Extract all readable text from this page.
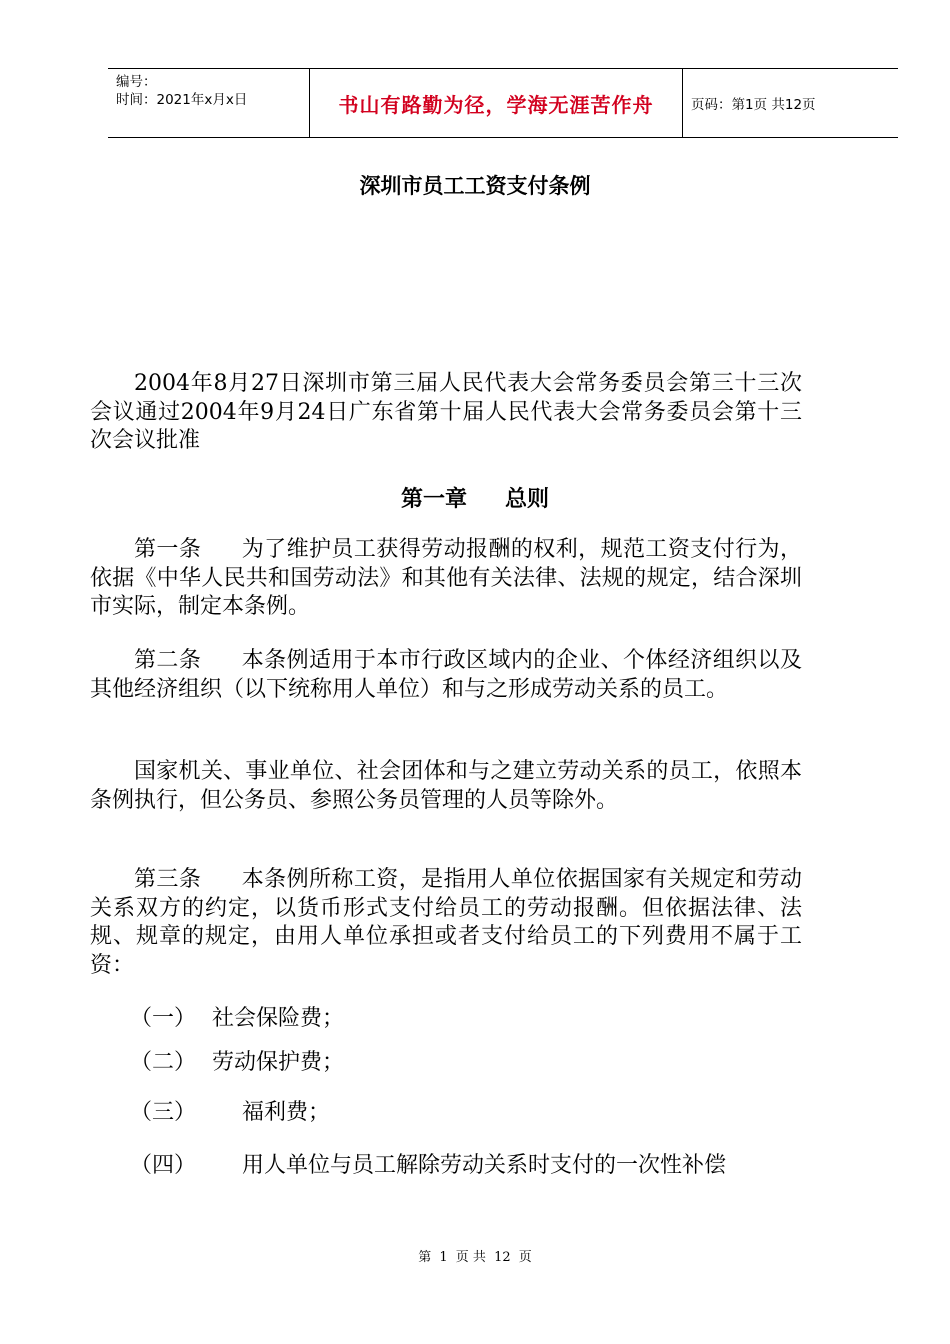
编号：
时间：2021年x月x日	书山有路勤为径，学海无涯苦作舟	页码：第1页 共12页
深圳市员工工资支付条例

2004年8月27日深圳市第三届人民代表大会常务委员会第三十三次会议通过2004年9月24日广东省第十届人民代表大会常务委员会第十三次会议批准

第一章 总则

第一条 为了维护员工获得劳动报酬的权利，规范工资支付行为，依据《中华人民共和国劳动法》和其他有关法律、法规的规定，结合深圳市实际，制定本条例。

第二条 本条例适用于本市行政区域内的企业、个体经济组织以及其他经济组织（以下统称用人单位）和与之形成劳动关系的员工。

国家机关、事业单位、社会团体和与之建立劳动关系的员工，依照本条例执行，但公务员、参照公务员管理的人员等除外。

第三条 本条例所称工资，是指用人单位依据国家有关规定和劳动关系双方的约定，以货币形式支付给员工的劳动报酬。但依据法律、法规、规章的规定，由用人单位承担或者支付给员工的下列费用不属于工资：

（一） 社会保险费；
（二） 劳动保护费；
（三） 福利费；
（四） 用人单位与员工解除劳动关系时支付的一次性补偿
第 1 页 共 12 页
